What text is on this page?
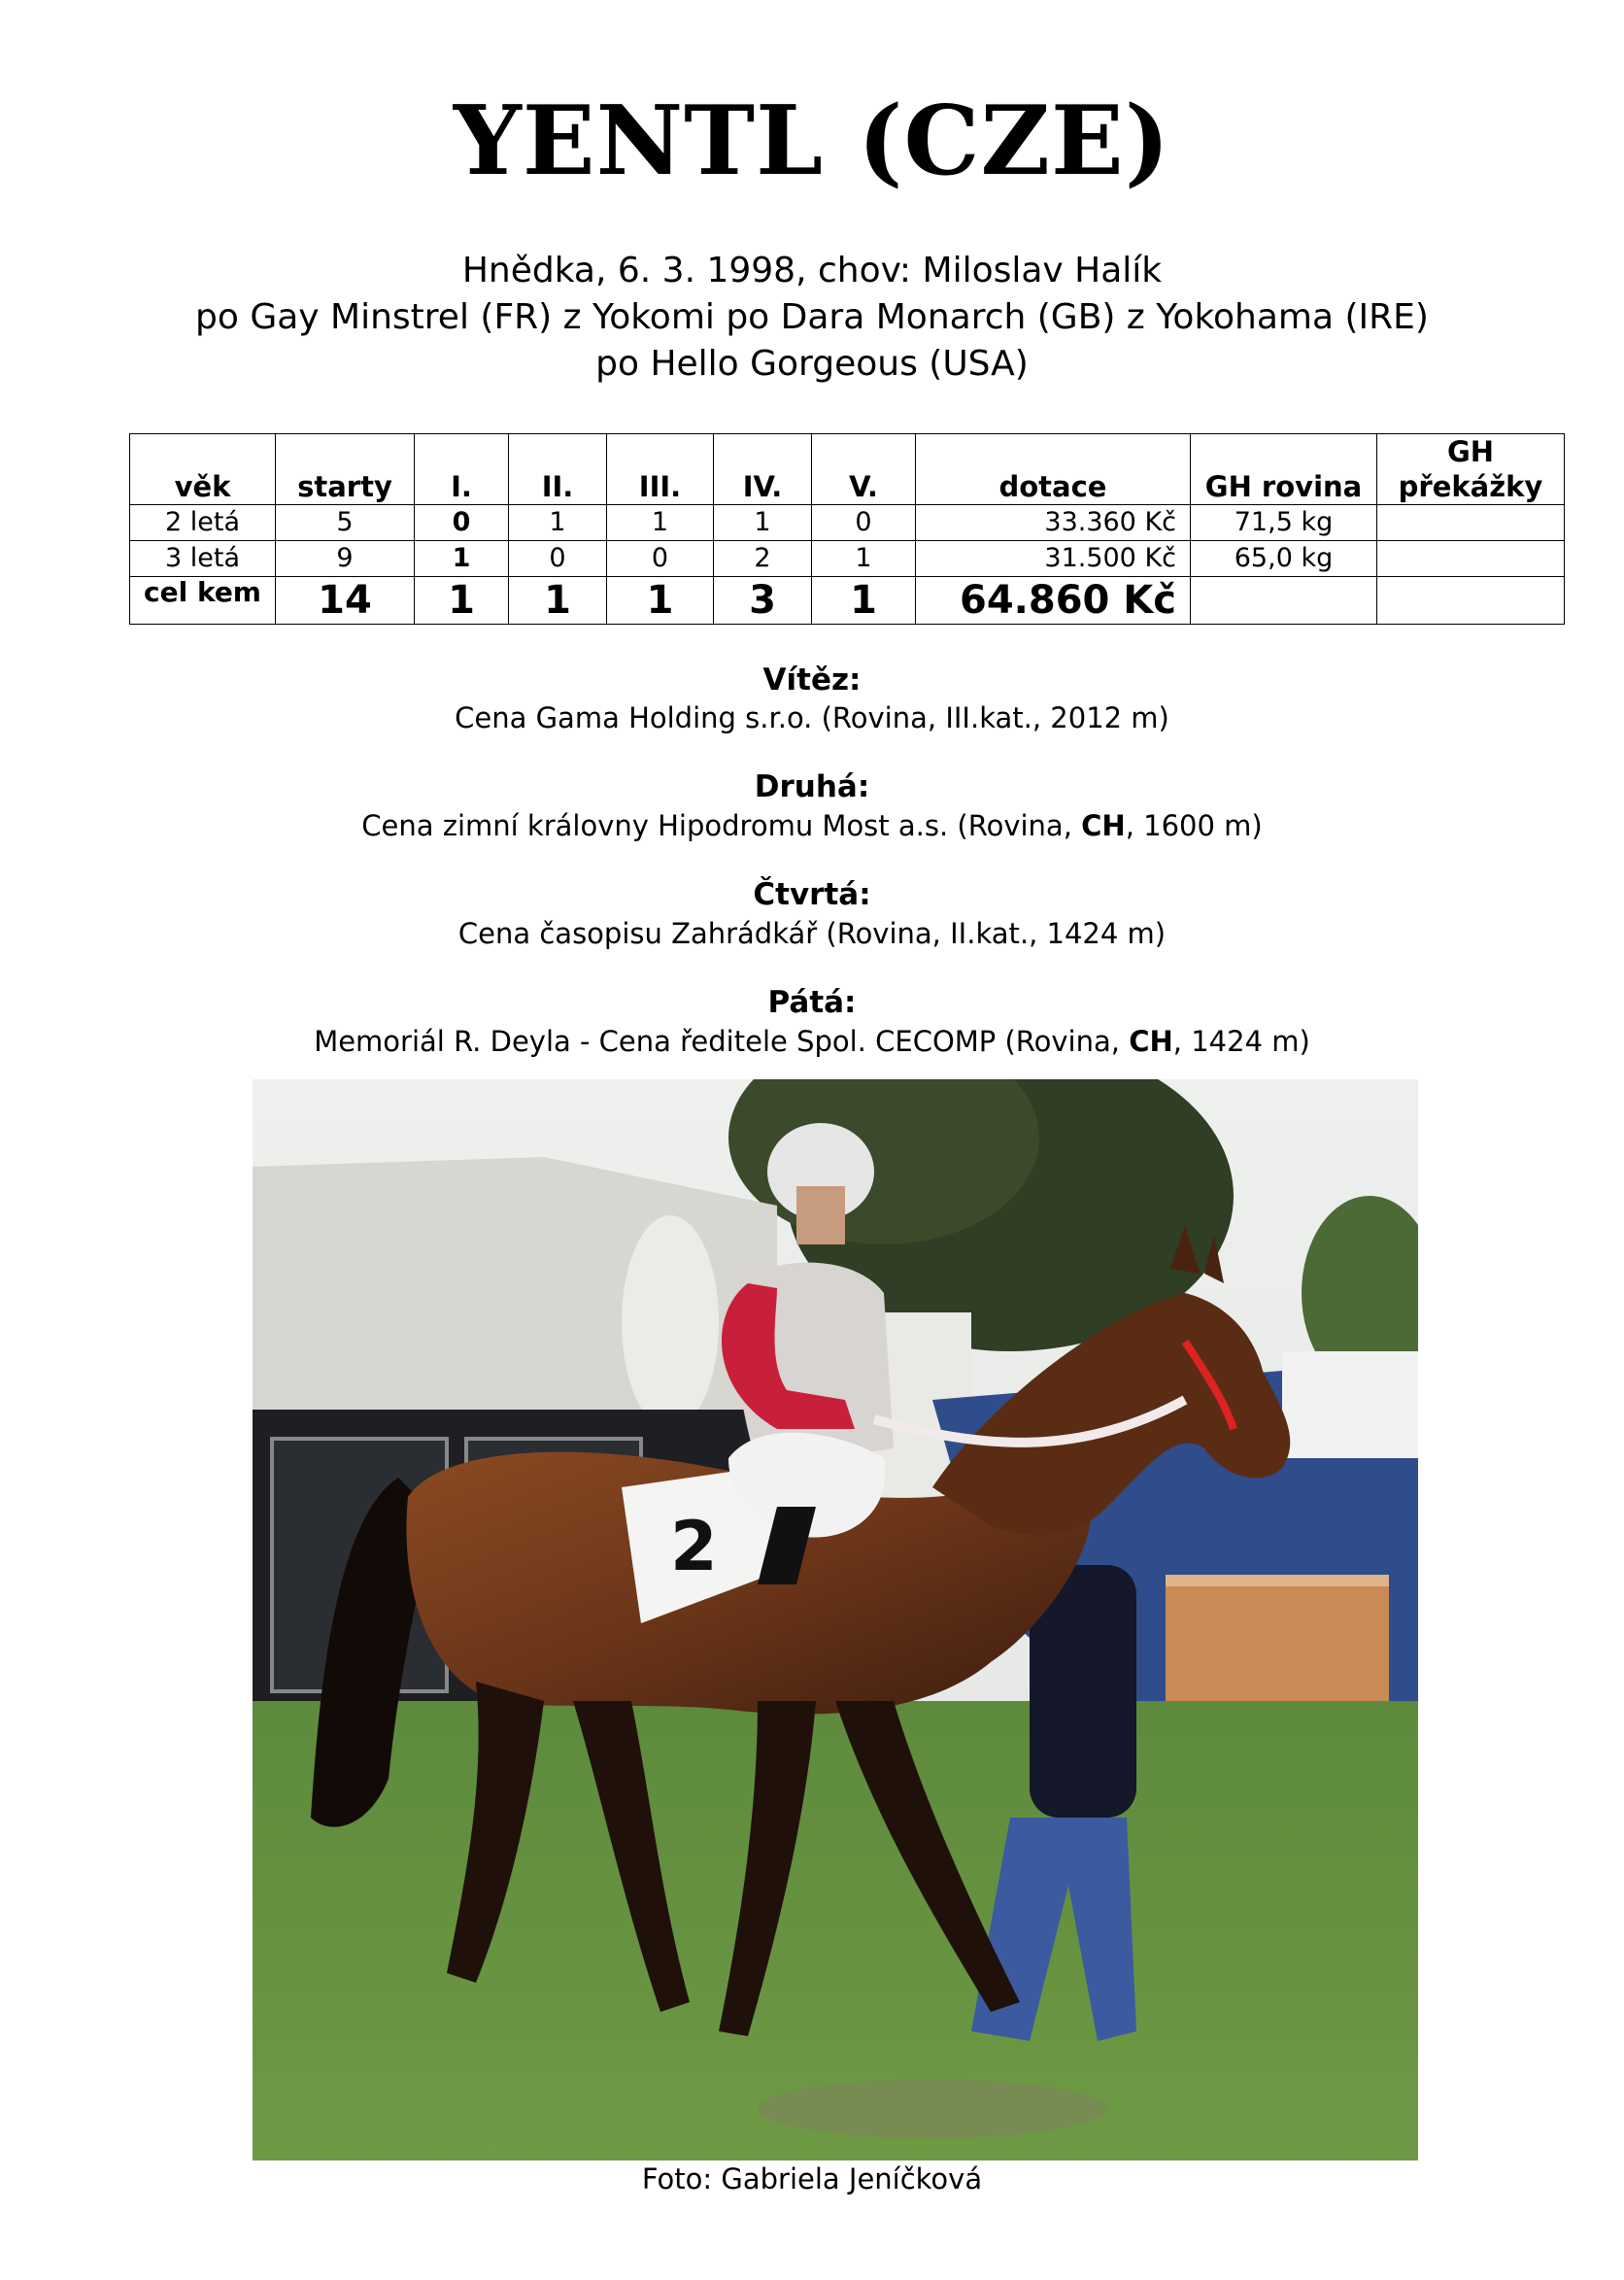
YENTL (CZE)
Hnědka, 6. 3. 1998, chov: Miloslav Halík
po Gay Minstrel (FR) z Yokomi po Dara Monarch (GB) z Yokohama (IRE)
po Hello Gorgeous (USA)
věk	starty	I.	II.	III.	IV.	V.	dotace	GH rovina	GH překážky
2 letá	5	0	1	1	1	0	33.360 Kč	71,5 kg	
3 letá	9	1	0	0	2	1	31.500 Kč	65,0 kg	
cel kem	14	1	1	1	3	1	64.860 Kč		
Vítěz:
Cena Gama Holding s.r.o. (Rovina, III.kat., 2012 m)
Druhá:
Cena zimní královny Hipodromu Most a.s. (Rovina, CH, 1600 m)
Čtvrtá:
Cena časopisu Zahrádkář (Rovina, II.kat., 1424 m)
Pátá:
Memoriál R. Deyla - Cena ředitele Spol. CECOMP (Rovina, CH, 1424 m)
2
Foto: Gabriela Jeníčková
